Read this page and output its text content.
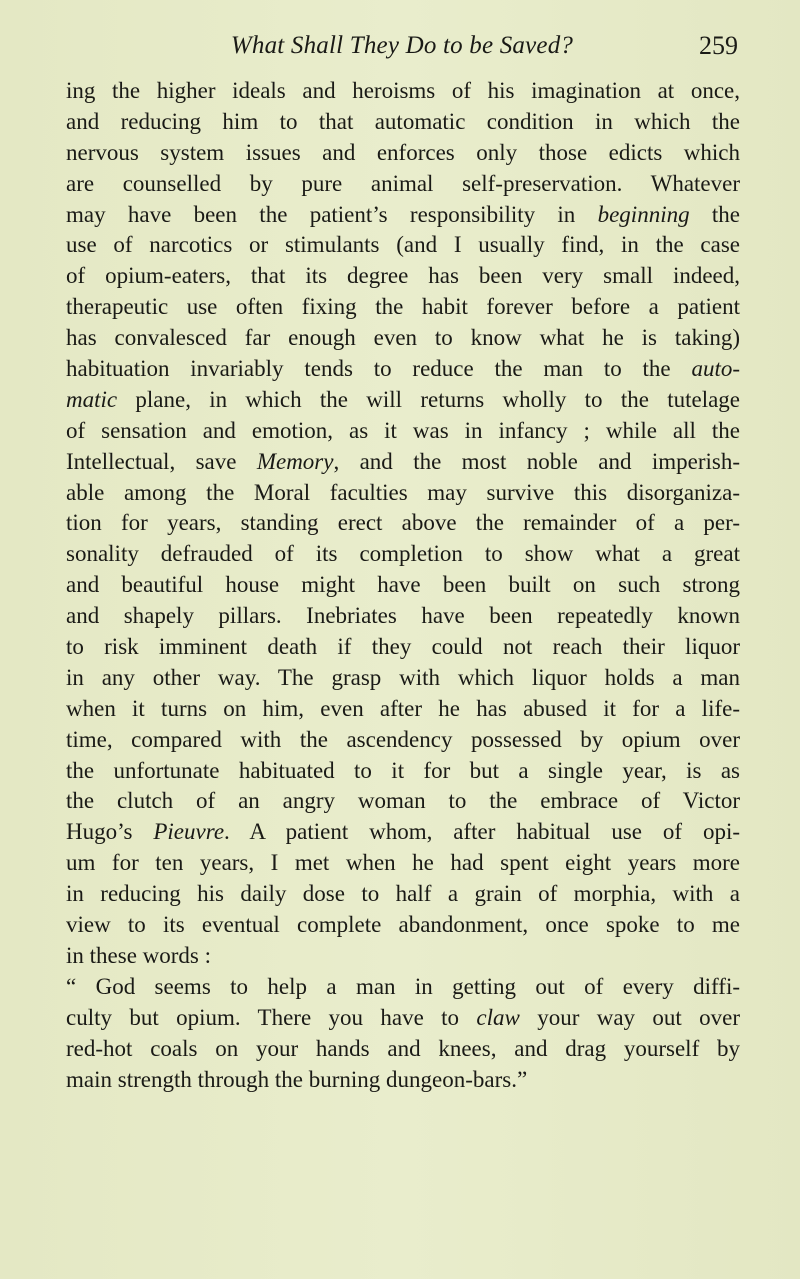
What Shall They Do to be Saved?	259
ing the higher ideals and heroisms of his imagination at once,
and reducing him to that automatic condition in which the
nervous system issues and enforces only those edicts which
are counselled by pure animal self-preservation. Whatever
may have been the patient’s responsibility in beginning the
use of narcotics or stimulants (and I usually find, in the case
of opium-eaters, that its degree has been very small indeed,
therapeutic use often fixing the habit forever before a patient
has convalesced far enough even to know what he is taking)
habituation invariably tends to reduce the man to the auto-
matic plane, in which the will returns wholly to the tutelage
of sensation and emotion, as it was in infancy ; while all the
Intellectual, save Memory, and the most noble and imperish-
able among the Moral faculties may survive this disorganiza-
tion for years, standing erect above the remainder of a per-
sonality defrauded of its completion to show what a great
and beautiful house might have been built on such strong
and shapely pillars. Inebriates have been repeatedly known
to risk imminent death if they could not reach their liquor
in any other way. The grasp with which liquor holds a man
when it turns on him, even after he has abused it for a life-
time, compared with the ascendency possessed by opium over
the unfortunate habituated to it for but a single year, is as
the clutch of an angry woman to the embrace of Victor
Hugo’s Pieuvre. A patient whom, after habitual use of opi-
um for ten years, I met when he had spent eight years more
in reducing his daily dose to half a grain of morphia, with a
view to its eventual complete abandonment, once spoke to me
in these words :
“ God seems to help a man in getting out of every diffi-
culty but opium. There you have to claw your way out over
red-hot coals on your hands and knees, and drag yourself by
main strength through the burning dungeon-bars.”
